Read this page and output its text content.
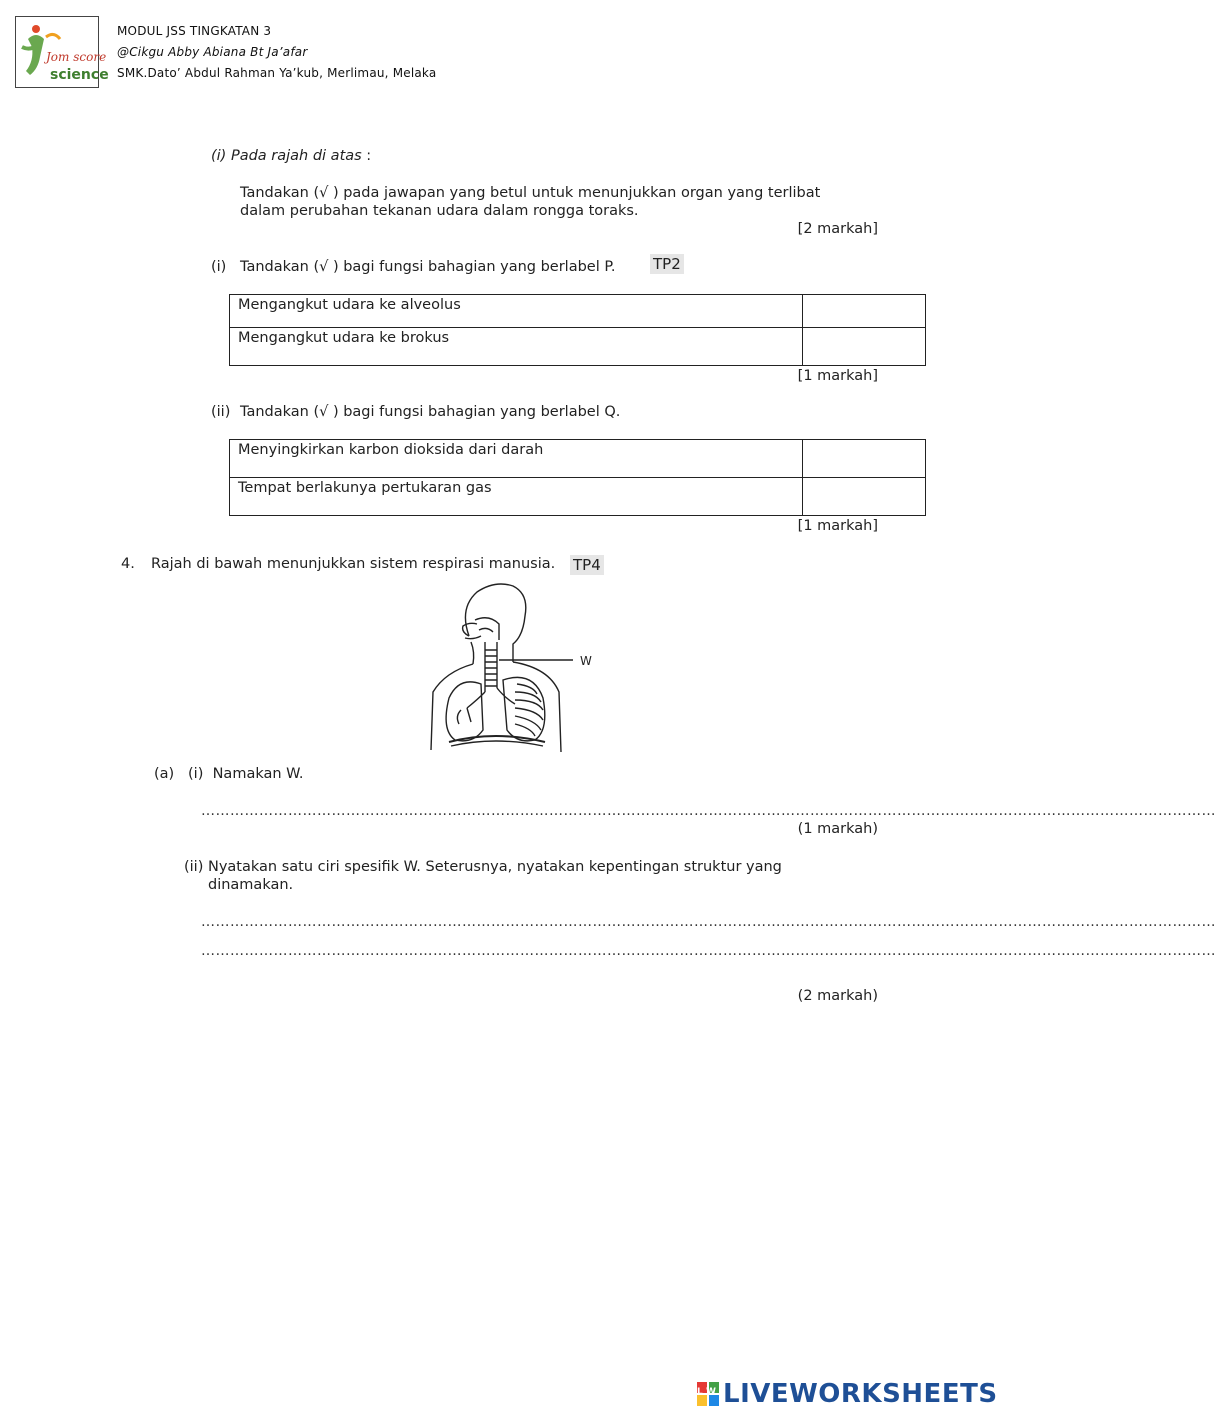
Jom score
science
MODUL JSS TINGKATAN 3
@Cikgu Abby Abiana Bt Ja’afar
SMK.Dato’ Abdul Rahman Ya’kub, Merlimau, Melaka
(i) Pada rajah di atas :
Tandakan (√ ) pada jawapan yang betul untuk menunjukkan organ yang terlibat
dalam perubahan tekanan udara dalam rongga toraks.
[2 markah]
(i) Tandakan (√ ) bagi fungsi bahagian yang berlabel P.	TP2
Mengangkut udara ke alveolus	
Mengangkut udara ke brokus	
[1 markah]
(ii) Tandakan (√ ) bagi fungsi bahagian yang berlabel Q.
Menyingkirkan karbon dioksida dari darah	
Tempat berlakunya pertukaran gas	
[1 markah]
4. Rajah di bawah menunjukkan sistem respirasi manusia. TP4
W
(a)   (i)  Namakan W.
…………………………………………………………………………………………………………………………………………………………………………………………
(1 markah)
(ii) Nyatakan satu ciri spesifik W. Seterusnya, nyatakan kepentingan struktur yang
dinamakan.
…………………………………………………………………………………………………………………………………………………………………………………………
…………………………………………………………………………………………………………………………………………………………………………………………
(2 markah)
LW LIVEWORKSHEETS
